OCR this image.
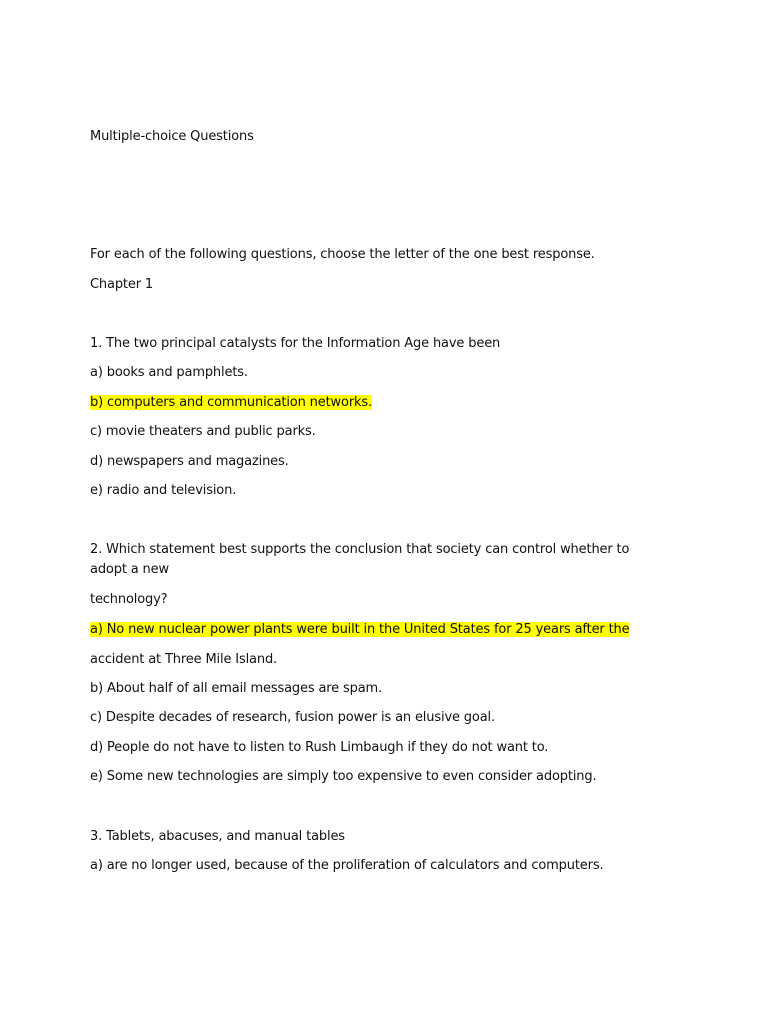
Multiple-choice Questions
For each of the following questions, choose the letter of the one best response.
Chapter 1
1. The two principal catalysts for the Information Age have been
a) books and pamphlets.
b) computers and communication networks.
c) movie theaters and public parks.
d) newspapers and magazines.
e) radio and television.
2. Which statement best supports the conclusion that society can control whether to
adopt a new
technology?
a) No new nuclear power plants were built in the United States for 25 years after the
accident at Three Mile Island.
b) About half of all email messages are spam.
c) Despite decades of research, fusion power is an elusive goal.
d) People do not have to listen to Rush Limbaugh if they do not want to.
e) Some new technologies are simply too expensive to even consider adopting.
3. Tablets, abacuses, and manual tables
a) are no longer used, because of the proliferation of calculators and computers.
